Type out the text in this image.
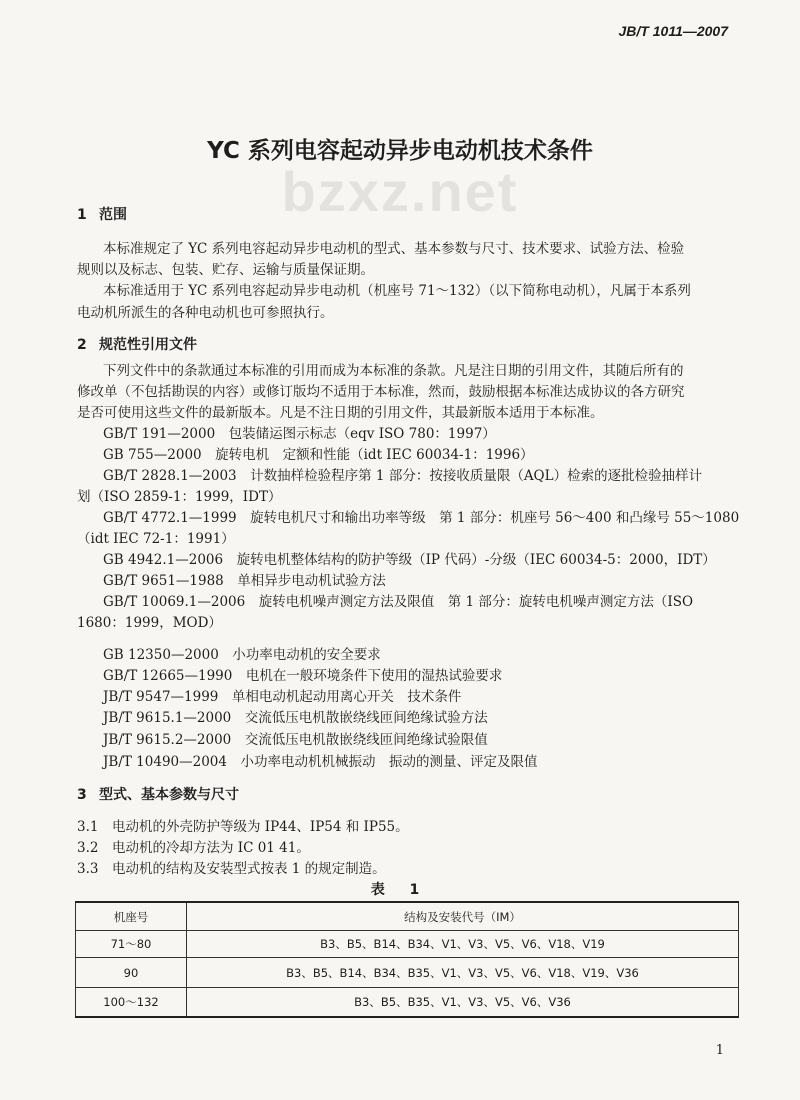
JB/T 1011—2007
YC 系列电容起动异步电动机技术条件
bzxz.net
1 范围
本标准规定了 YC 系列电容起动异步电动机的型式、基本参数与尺寸、技术要求、试验方法、检验
规则以及标志、包装、贮存、运输与质量保证期。
本标准适用于 YC 系列电容起动异步电动机（机座号 71～132）（以下简称电动机），凡属于本系列
电动机所派生的各种电动机也可参照执行。
2 规范性引用文件
下列文件中的条款通过本标准的引用而成为本标准的条款。凡是注日期的引用文件，其随后所有的
修改单（不包括勘误的内容）或修订版均不适用于本标准，然而，鼓励根据本标准达成协议的各方研究
是否可使用这些文件的最新版本。凡是不注日期的引用文件，其最新版本适用于本标准。
GB/T 191—2000　包装储运图示标志（eqv ISO 780：1997）
GB 755—2000　旋转电机　定额和性能（idt IEC 60034-1：1996）
GB/T 2828.1—2003　计数抽样检验程序第 1 部分：按接收质量限（AQL）检索的逐批检验抽样计
划（ISO 2859-1：1999，IDT）
GB/T 4772.1—1999　旋转电机尺寸和输出功率等级　第 1 部分：机座号 56～400 和凸缘号 55～1080
（idt IEC 72-1：1991）
GB 4942.1—2006　旋转电机整体结构的防护等级（IP 代码）-分级（IEC 60034-5：2000，IDT）
GB/T 9651—1988　单相异步电动机试验方法
GB/T 10069.1—2006　旋转电机噪声测定方法及限值　第 1 部分：旋转电机噪声测定方法（ISO
1680：1999，MOD）
GB 12350—2000　小功率电动机的安全要求
GB/T 12665—1990　电机在一般环境条件下使用的湿热试验要求
JB/T 9547—1999　单相电动机起动用离心开关　技术条件
JB/T 9615.1—2000　交流低压电机散嵌绕线匝间绝缘试验方法
JB/T 9615.2—2000　交流低压电机散嵌绕线匝间绝缘试验限值
JB/T 10490—2004　小功率电动机机械振动　振动的测量、评定及限值
3 型式、基本参数与尺寸
3.1　电动机的外壳防护等级为 IP44、IP54 和 IP55。
3.2　电动机的冷却方法为 IC 01 41。
3.3　电动机的结构及安装型式按表 1 的规定制造。
表 1
机座号	结构及安装代号（IM）
71～80	B3、B5、B14、B34、V1、V3、V5、V6、V18、V19
90	B3、B5、B14、B34、B35、V1、V3、V5、V6、V18、V19、V36
100～132	B3、B5、B35、V1、V3、V5、V6、V36
1
